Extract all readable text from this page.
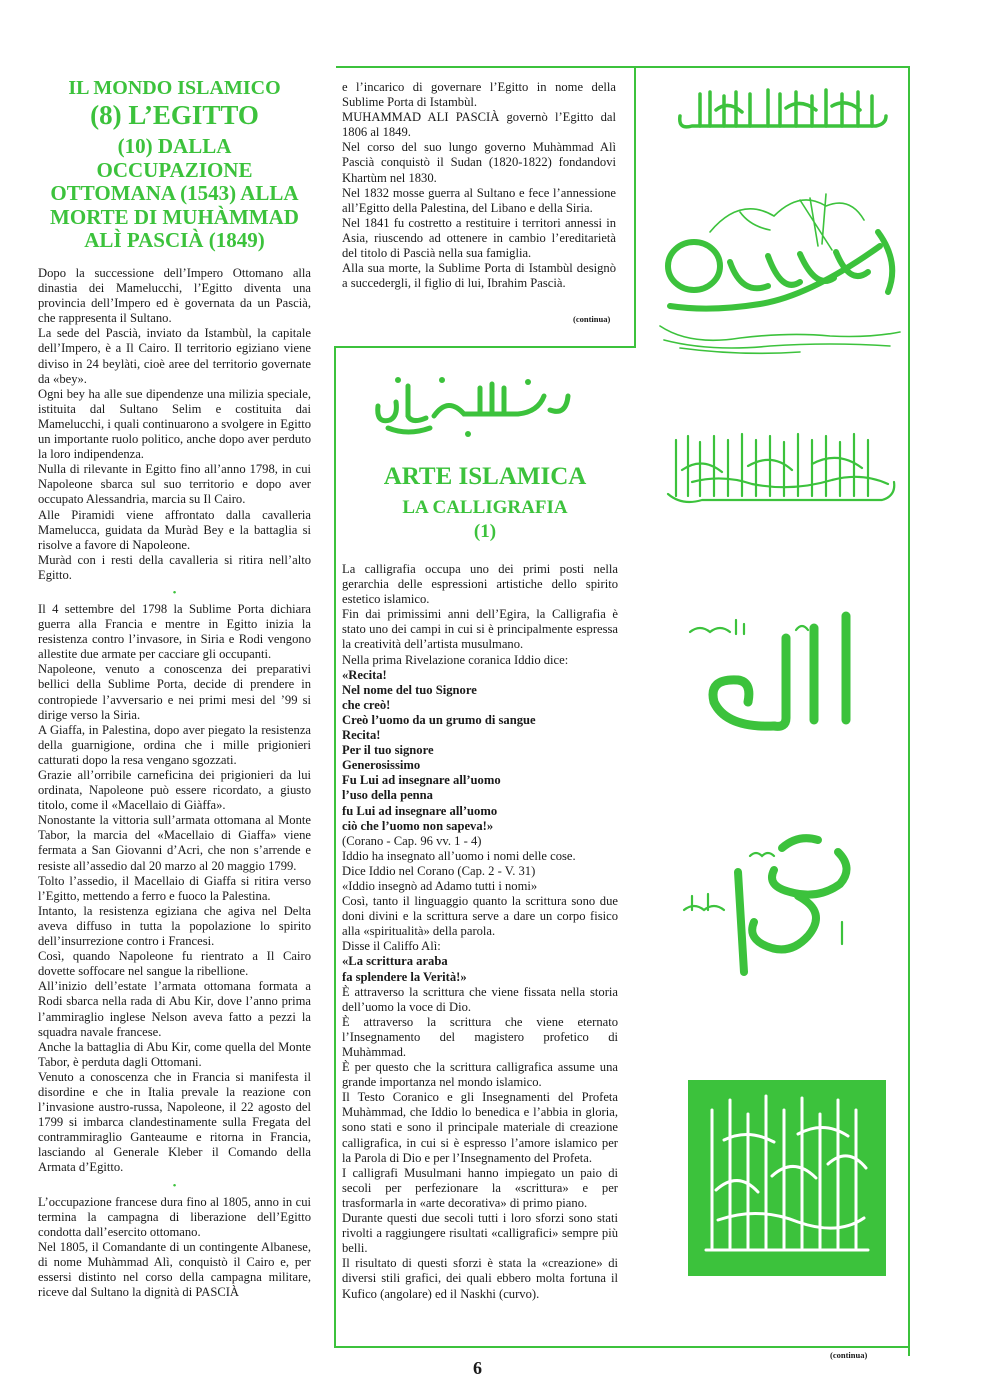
IL MONDO ISLAMICO
(8) L’EGITTO
(10) DALLA OCCUPAZIONE
OTTOMANA (1543) ALLA
MORTE DI MUHÀMMAD
ALÌ PASCIÀ (1849)

Dopo la successione dell’Impero Ottomano alla dinastia dei Mamelucchi, l’Egitto diventa una provincia dell’Impero ed è governata da un Pascià, che rappresenta il Sultano.

La sede del Pascià, inviato da Istambùl, la capitale dell’Impero, è a Il Cairo. Il territorio egiziano viene diviso in 24 beylàti, cioè aree del territorio governate da «bey».

Ogni bey ha alle sue dipendenze una milizia speciale, istituita dal Sultano Selim e costituita dai Mamelucchi, i quali continuarono a svolgere in Egitto un importante ruolo politico, anche dopo aver perduto la loro indipendenza.

Nulla di rilevante in Egitto fino all’anno 1798, in cui Napoleone sbarca sul suo territorio e dopo aver occupato Alessandria, marcia su Il Cairo.

Alle Piramidi viene affrontato dalla cavalleria Mamelucca, guidata da Muràd Bey e la battaglia si risolve a favore di Napoleone.

Muràd con i resti della cavalleria si ritira nell’alto Egitto.

•

Il 4 settembre del 1798 la Sublime Porta dichiara guerra alla Francia e mentre in Egitto inizia la resistenza contro l’invasore, in Siria e Rodi vengono allestite due armate per cacciare gli occupanti.

Napoleone, venuto a conoscenza dei preparativi bellici della Sublime Porta, decide di prendere in contropiede l’avversario e nei primi mesi del ’99 si dirige verso la Siria.

A Giaffa, in Palestina, dopo aver piegato la resistenza della guarnigione, ordina che i mille prigionieri catturati dopo la resa vengano sgozzati.

Grazie all’orribile carneficina dei prigionieri da lui ordinata, Napoleone può essere ricordato, a giusto titolo, come il «Macellaio di Giàffa».

Nonostante la vittoria sull’armata ottomana al Monte Tabor, la marcia del «Macellaio di Giaffa» viene fermata a San Giovanni d’Acri, che non s’arrende e resiste all’assedio dal 20 marzo al 20 maggio 1799.

Tolto l’assedio, il Macellaio di Giaffa si ritira verso l’Egitto, mettendo a ferro e fuoco la Palestina.

Intanto, la resistenza egiziana che agiva nel Delta aveva diffuso in tutta la popolazione lo spirito dell’insurrezione contro i Francesi.

Così, quando Napoleone fu rientrato a Il Cairo dovette soffocare nel sangue la ribellione.

All’inizio dell’estate l’armata ottomana formata a Rodi sbarca nella rada di Abu Kir, dove l’anno prima l’ammiraglio inglese Nelson aveva fatto a pezzi la squadra navale francese.

Anche la battaglia di Abu Kir, come quella del Monte Tabor, è perduta dagli Ottomani.

Venuto a conoscenza che in Francia si manifesta il disordine e che in Italia prevale la reazione con l’invasione austro-russa, Napoleone, il 22 agosto del 1799 si imbarca clandestinamente sulla Fregata del contrammiraglio Ganteaume e ritorna in Francia, lasciando al Generale Kleber il Comando della Armata d’Egitto.

•

L’occupazione francese dura fino al 1805, anno in cui termina la campagna di liberazione dell’Egitto condotta dall’esercito ottomano.

Nel 1805, il Comandante di un contingente Albanese, di nome Muhàmmad Alì, conquistò il Cairo e, per essersi distinto nel corso della campagna militare, riceve dal Sultano la dignità di PASCIÀ

e l’incarico di governare l’Egitto in nome della Sublime Porta di Istambùl.

MUHAMMAD ALI PASCIÀ governò l’Egitto dal 1806 al 1849.

Nel corso del suo lungo governo Muhàmmad Alì Pascià conquistò il Sudan (1820-1822) fondandovi Khartùm nel 1830.

Nel 1832 mosse guerra al Sultano e fece l’annessione all’Egitto della Palestina, del Libano e della Siria.

Nel 1841 fu costretto a restituire i territori annessi in Asia, riuscendo ad ottenere in cambio l’ereditarietà del titolo di Pascià nella sua famiglia.

Alla sua morte, la Sublime Porta di Istambùl designò a succedergli, il figlio di lui, Ibrahim Pascià.

(continua)
ARTE ISLAMICA
LA CALLIGRAFIA
(1)

La calligrafia occupa uno dei primi posti nella gerarchia delle espressioni artistiche dello spirito estetico islamico.

Fin dai primissimi anni dell’Egira, la Calligrafia è stato uno dei campi in cui si è principalmente espressa la creatività dell’artista musulmano.

Nella prima Rivelazione coranica Iddio dice:

«Recita!

Nel nome del tuo Signore

che creò!

Creò l’uomo da un grumo di sangue

Recita!

Per il tuo signore

Generosissimo

Fu Lui ad insegnare all’uomo

l’uso della penna

fu Lui ad insegnare all’uomo

ciò che l’uomo non sapeva!»

(Corano - Cap. 96 vv. 1 - 4)

Iddio ha insegnato all’uomo i nomi delle cose.

Dice Iddio nel Corano (Cap. 2 - V. 31)

«Iddio insegnò ad Adamo tutti i nomi»

Così, tanto il linguaggio quanto la scrittura sono due doni divini e la scrittura serve a dare un corpo fisico alla «spiritualità» della parola.

Disse il Califfo Alì:

«La scrittura araba

fa splendere la Verità!»

È attraverso la scrittura che viene fissata nella storia dell’uomo la voce di Dio.

È attraverso la scrittura che viene eternato l’Insegnamento del magistero profetico di Muhàmmad.

È per questo che la scrittura calligrafica assume una grande importanza nel mondo islamico.

Il Testo Coranico e gli Insegnamenti del Profeta Muhàmmad, che Iddio lo benedica e l’abbia in gloria, sono stati e sono il principale materiale di creazione calligrafica, in cui si è espresso l’amore islamico per la Parola di Dio e per l’Insegnamento del Profeta.

I calligrafi Musulmani hanno impiegato un paio di secoli per perfezionare la «scrittura» e per trasformarla in «arte decorativa» di primo piano.

Durante questi due secoli tutti i loro sforzi sono stati rivolti a raggiungere risultati «calligrafici» sempre più belli.

Il risultato di questi sforzi è stata la «creazione» di diversi stili grafici, dei quali ebbero molta fortuna il Kufico (angolare) ed il Naskhi (curvo).

(continua)
6
